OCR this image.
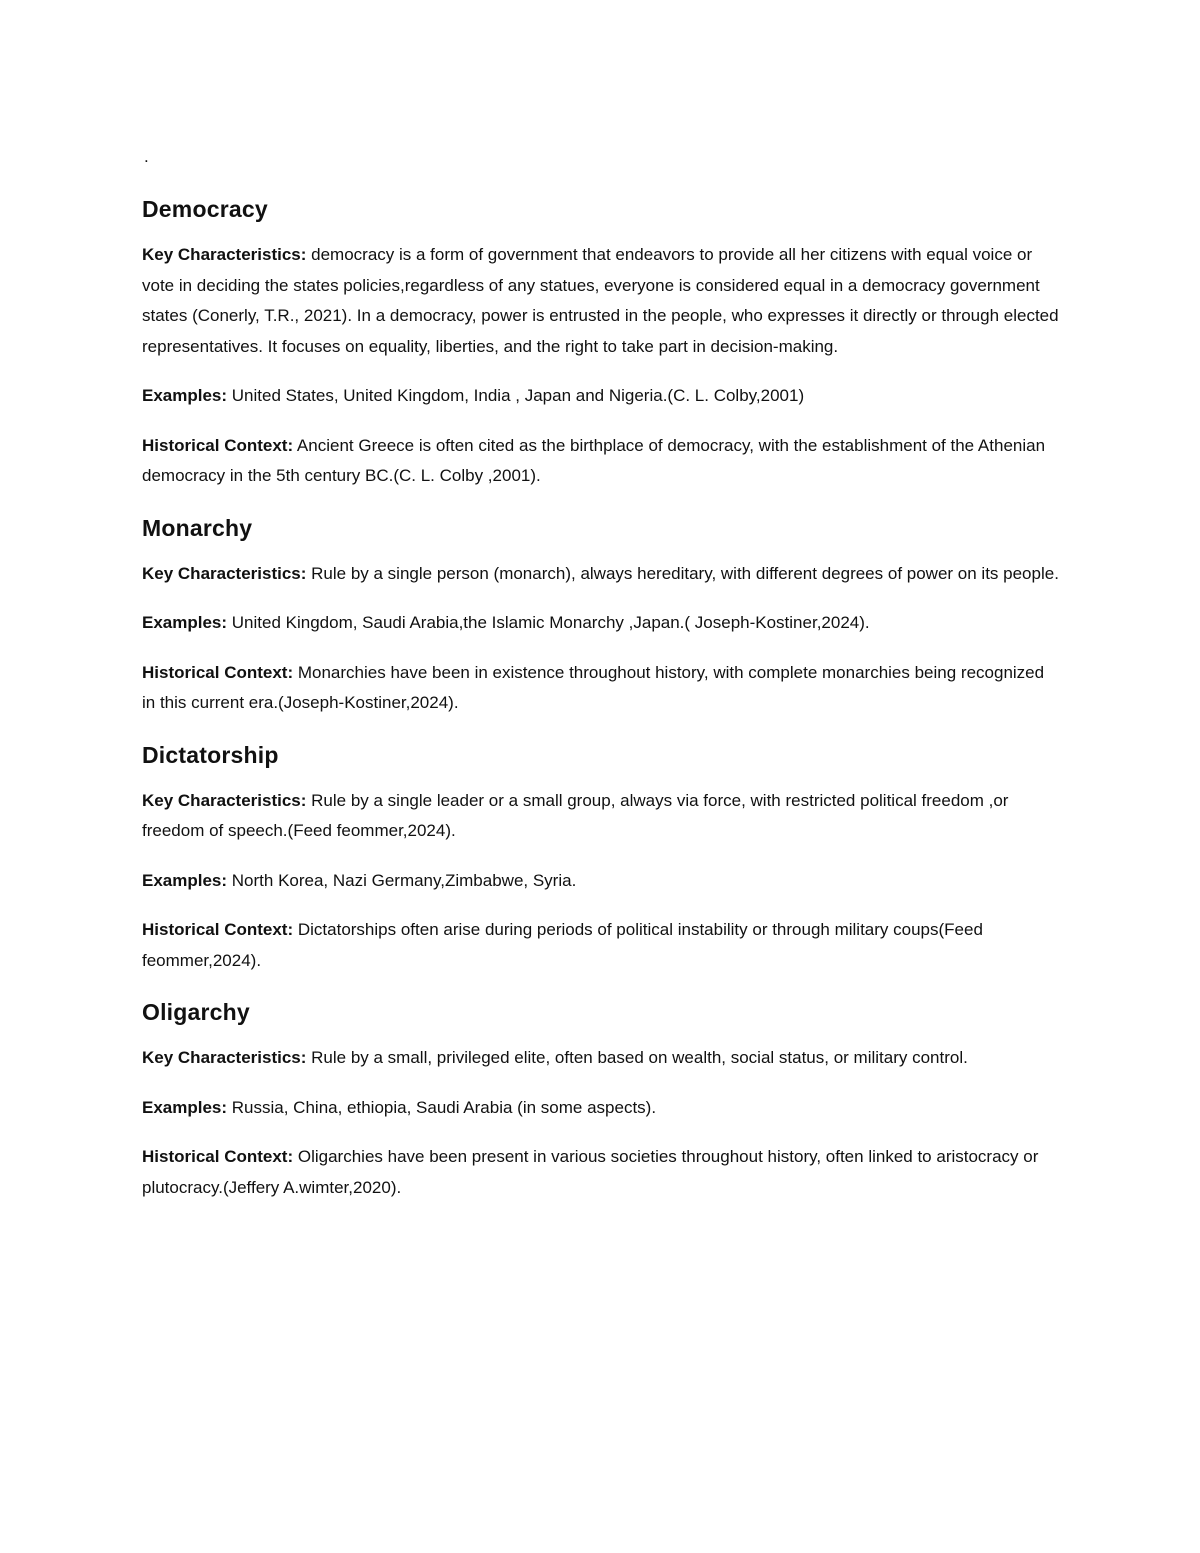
.
Democracy

Key Characteristics: democracy is a form of government that endeavors to provide all her citizens with equal voice or vote in deciding the states policies,regardless of any statues, everyone is considered equal in a democracy government states (Conerly, T.R., 2021). In a democracy, power is entrusted in the people, who expresses it directly or through elected representatives. It focuses on equality, liberties, and the right to take part in decision-making.

Examples: United States, United Kingdom, India , Japan and Nigeria.(C. L. Colby,2001)

Historical Context: Ancient Greece is often cited as the birthplace of democracy, with the establishment of the Athenian democracy in the 5th century BC.(C. L. Colby ,2001).

Monarchy

Key Characteristics: Rule by a single person (monarch), always hereditary, with different degrees of power on its people.

Examples: United Kingdom, Saudi Arabia,the Islamic Monarchy ,Japan.( Joseph-Kostiner,2024).

Historical Context: Monarchies have been in existence throughout history, with complete monarchies being recognized in this current era.(Joseph-Kostiner,2024).

Dictatorship

Key Characteristics: Rule by a single leader or a small group, always via force, with restricted political freedom ,or freedom of speech.(Feed feommer,2024).

Examples: North Korea, Nazi Germany,Zimbabwe, Syria.

Historical Context: Dictatorships often arise during periods of political instability or through military coups(Feed feommer,2024).

Oligarchy

Key Characteristics: Rule by a small, privileged elite, often based on wealth, social status, or military control.

Examples: Russia, China, ethiopia, Saudi Arabia (in some aspects).

Historical Context: Oligarchies have been present in various societies throughout history, often linked to aristocracy or plutocracy.(Jeffery A.wimter,2020).
